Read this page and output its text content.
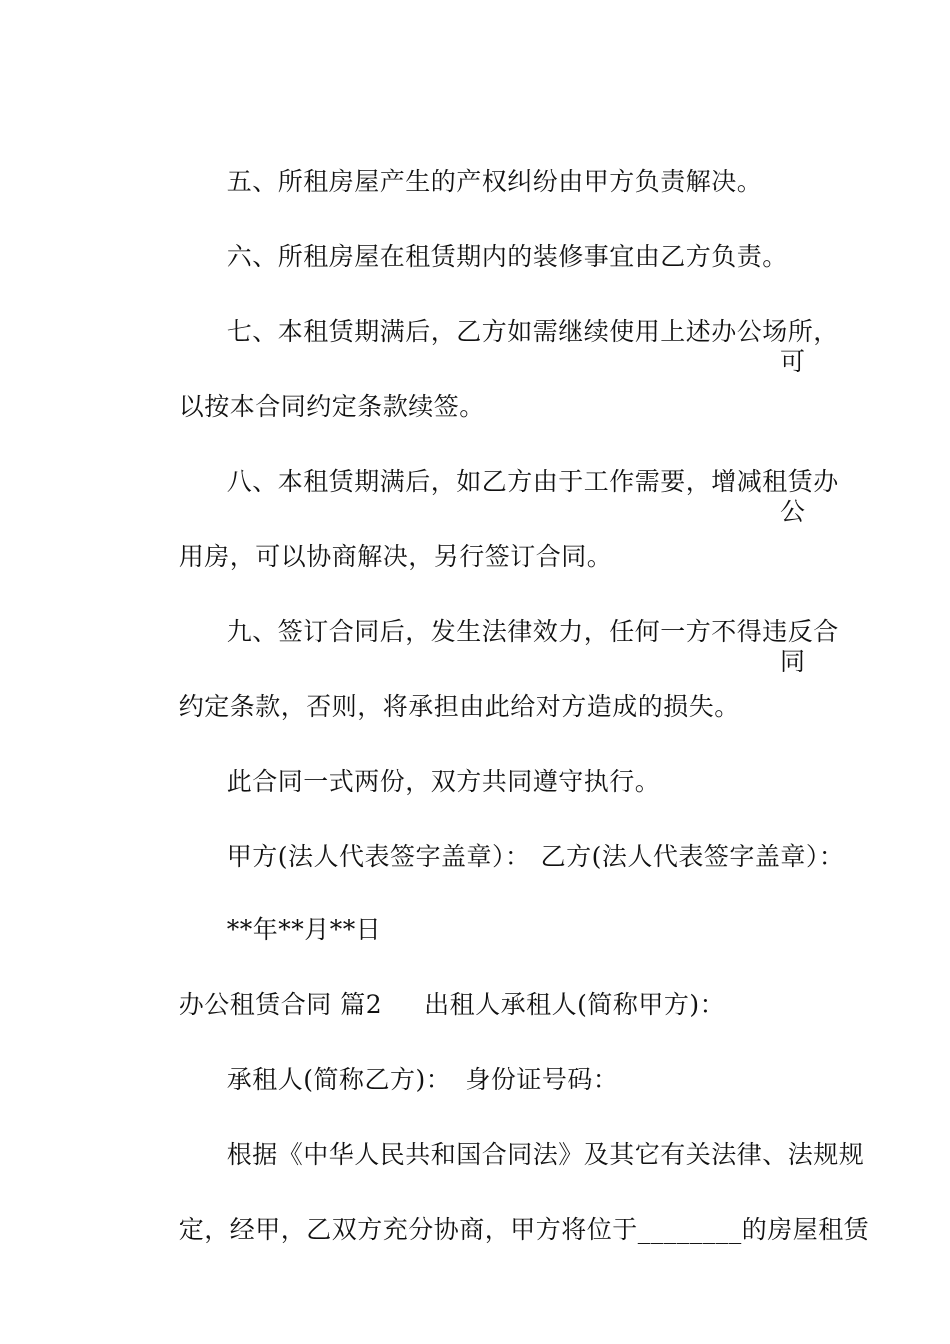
五、所租房屋产生的产权纠纷由甲方负责解决。

六、所租房屋在租赁期内的装修事宜由乙方负责。

七、本租赁期满后，乙方如需继续使用上述办公场所，

可

以按本合同约定条款续签。

八、本租赁期满后，如乙方由于工作需要，增减租赁办

公

用房，可以协商解决，另行签订合同。

九、签订合同后，发生法律效力，任何一方不得违反合

同

约定条款，否则，将承担由此给对方造成的损失。

此合同一式两份，双方共同遵守执行。

甲方(法人代表签字盖章）： 乙方(法人代表签字盖章）：

**年**月**日

办公租赁合同 篇2 出租人承租人(简称甲方)：

承租人(简称乙方)： 身份证号码：

根据《中华人民共和国合同法》及其它有关法律、法规规

定，经甲，乙双方充分协商，甲方将位于________的房屋租赁
